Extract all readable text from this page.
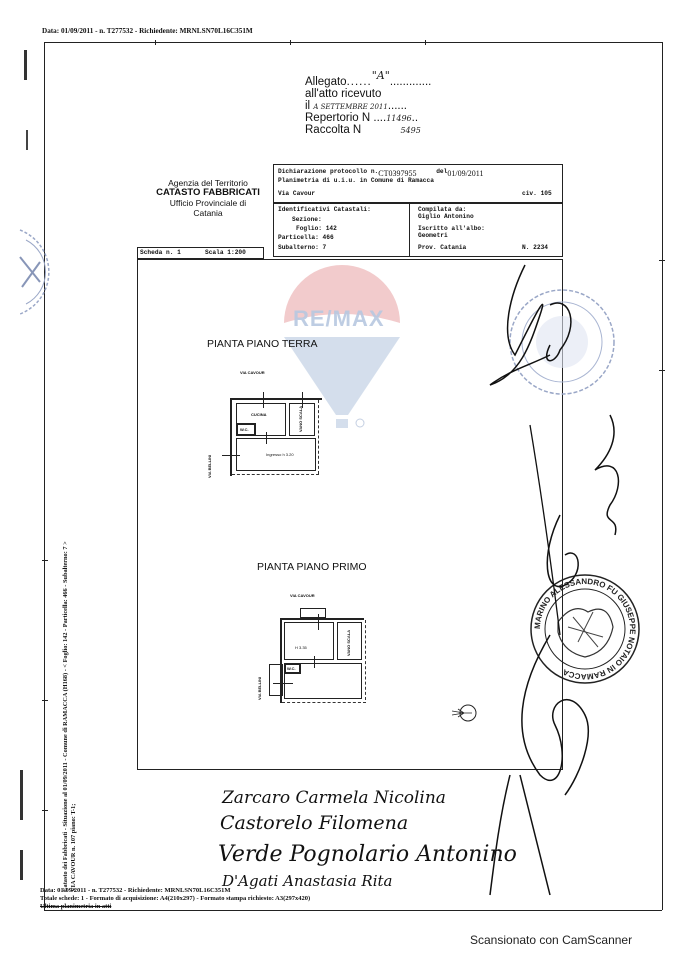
Data: 01/09/2011 - n. T277532 - Richiedente: MRNLSN70L16C351M
Allegato......"A".............
all'atto ricevuto
il A SETTEMBRE 2011......
Repertorio N ....11496..
Raccolta N	5495
Agenzia del Territorio
CATASTO FABBRICATI
Ufficio Provinciale di
Catania
Dichiarazione protocollo n.CT0397955	del01/09/2011
Planimetria di u.i.u. in Comune di Ramacca
Via Cavour	civ. 105
Identificativi Catastali:
Sezione:
Foglio: 142
Particella: 466
Subalterno: 7
Compilata da:
Giglio Antonino
Iscritto all'albo:
Geometri
Prov. Catania	N. 2234
Scheda n. 1	Scala 1:200
RE/MAX
PIANTA PIANO TERRA
VIA CAVOUR
VIA BELLINI
CUCINA
W.C.	VANO SCALA
Ingresso h 3.20
PIANTA PIANO PRIMO
VIA CAVOUR
VIA BELLINI
H 3.35
W.C.
VANO SCALA
Catasto dei Fabbricati - Situazione al 01/09/2011 - Comune di RAMACCA (H168) - < Foglio: 142 - Particella: 466 - Subalterno: 7 > VIA CAVOUR n. 107 piano: T-1;
MARINO ALESSANDRO FU GIUSEPPE NOTAIO IN RAMACCA
Zarcaro Carmela Nicolina
Castorelo Filomena
Verde Pognolario Antonino
D'Agati Anastasia Rita
Data: 01/09/2011 - n. T277532 - Richiedente: MRNLSN70L16C351M
Totale schede: 1 - Formato di acquisizione: A4(210x297) - Formato stampa richiesto: A3(297x420)
Ultima planimetria in atti
Scansionato con CamScanner
